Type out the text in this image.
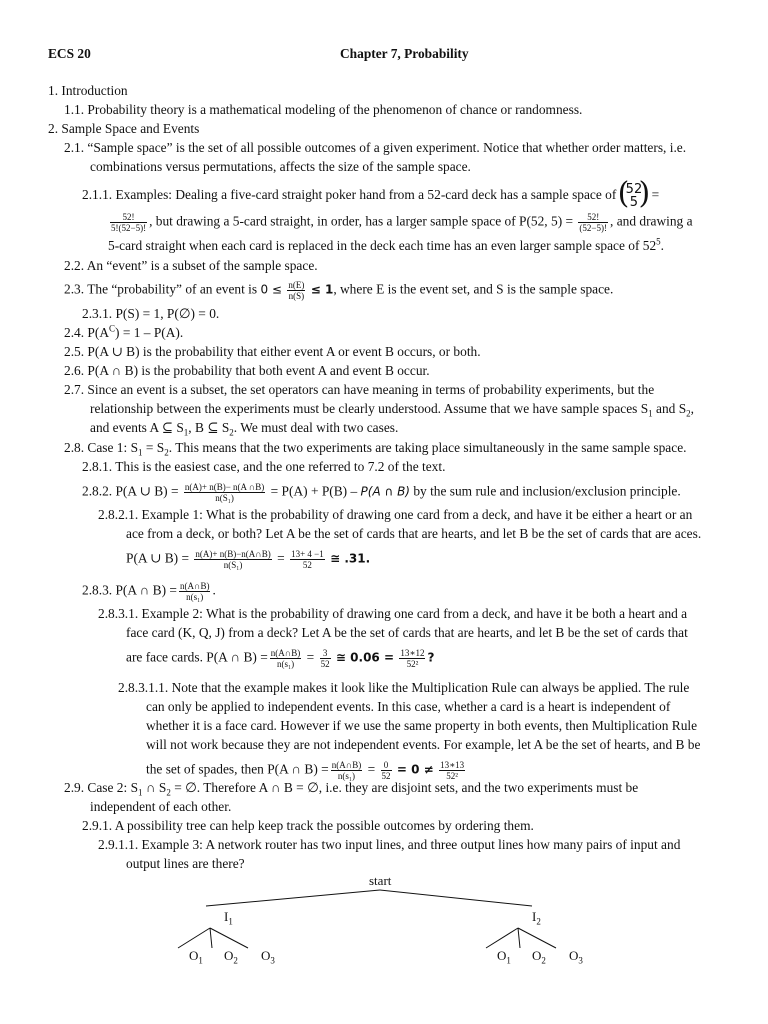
ECS 20	Chapter 7, Probability
1. Introduction
1.1. Probability theory is a mathematical modeling of the phenomenon of chance or randomness.
2. Sample Space and Events
2.1. “Sample space” is the set of all possible outcomes of a given experiment. Notice that whether order matters, i.e.
combinations versus permutations, affects the size of the sample space.
2.1.1. Examples: Dealing a five-card straight poker hand from a 52-card deck has a sample space of
( 52
5
) =
$\frac{52!}{5!(52-5)!}$ , but drawing a 5-card straight, in order, has a larger sample space of P(52, $5) = \frac{52!}{(52-5)!}$ , and drawing a
5-card straight when each card is replaced in the deck each time has an even larger sample space of $52^5$.
2.2. An “event” is a subset of the sample space.
2.3. The “probability” of an event is $0 \le \frac{n(E)}{n(S)} \le 1$, where E is the event set, and S is the sample space.
2.3.1. P(S) = 1, P(∅) = 0.
2.4. $P(A^C) = 1 - P(A)$.
2.5. P(A ∪ B) is the probability that either event A or event B occurs, or both.
2.6. P(A ∩ B) is the probability that both event A and event B occur.
2.7. Since an event is a subset, the set operators can have meaning in terms of probability experiments, but the
relationship between the experiments must be clearly understood. Assume that we have sample spaces $S_1$ and $S_2$,
and events A ⊆ $S_1$, B ⊆ $S_2$. We must deal with two cases.
2.8. Case 1: $S_1 = S_2$. This means that the two experiments are taking place simultaneously in the same sample space.
2.8.1. This is the easiest case, and the one referred to 7.2 of the text.
2.8.2. P(A ∪ $B) = \frac{n(A)+ n(B)- n(A \cap B)}{\text{n(S₁)}} = P(A) + P(B) - P(A$ ∩ B) by the sum rule and inclusion/exclusion principle.
2.8.2.1. Example 1: What is the probability of drawing one card from a deck, and have it be either a heart or an
ace from a deck, or both? Let A be the set of cards that are hearts, and let B be the set of cards that are aces.
P(A ∪ $B) = \frac{n(A)+ n(B)-n(A\cap B)}{\text{n(S₁)}} = \frac{13+ 4 -1}{52}$ ≅ .31.
2.8.3. P(A ∩ $B) = \frac{n(A\cap B)}{\text{n(s₁)}}$ .
2.8.3.1. Example 2: What is the probability of drawing one card from a deck, and have it be both a heart and a
face card (K, Q, J) from a deck? Let A be the set of cards that are hearts, and let B be the set of cards that
are face cards. P(A ∩ $B) = \frac{n(A\cap B)}{\text{n(s₁)}} = \frac{3}{52}$ ≅ $0.06 = \frac{13∗12}{\text{52²}}$ ?
2.8.3.1.1. Note that the example makes it look like the Multiplication Rule can always be applied. The rule
can only be applied to independent events. In this case, whether a card is a heart is independent of
whether it is a face card. However if we use the same property in both events, then Multiplication Rule
will not work because they are not independent events. For example, let A be the set of hearts, and B be
the set of spades, then P(A ∩ $B) = \frac{n(A\cap B)}{\text{n(s₁)}} = \frac{0}{52} = 0 \ne \frac{13∗13}{\text{52²}}$
2.9. Case 2: $S_1$ ∩ $S_2$ = ∅. Therefore A ∩ B = ∅, i.e. they are disjoint sets, and the two experiments must be
independent of each other.
2.9.1. A possibility tree can help keep track the possible outcomes by ordering them.
2.9.1.1. Example 3: A network router has two input lines, and three output lines how many pairs of input and
output lines are there?
start
$I_1$	$I_2$
$O_1$ $O_2$ $O_3$	$O_1$ $O_2$ $O_3$
